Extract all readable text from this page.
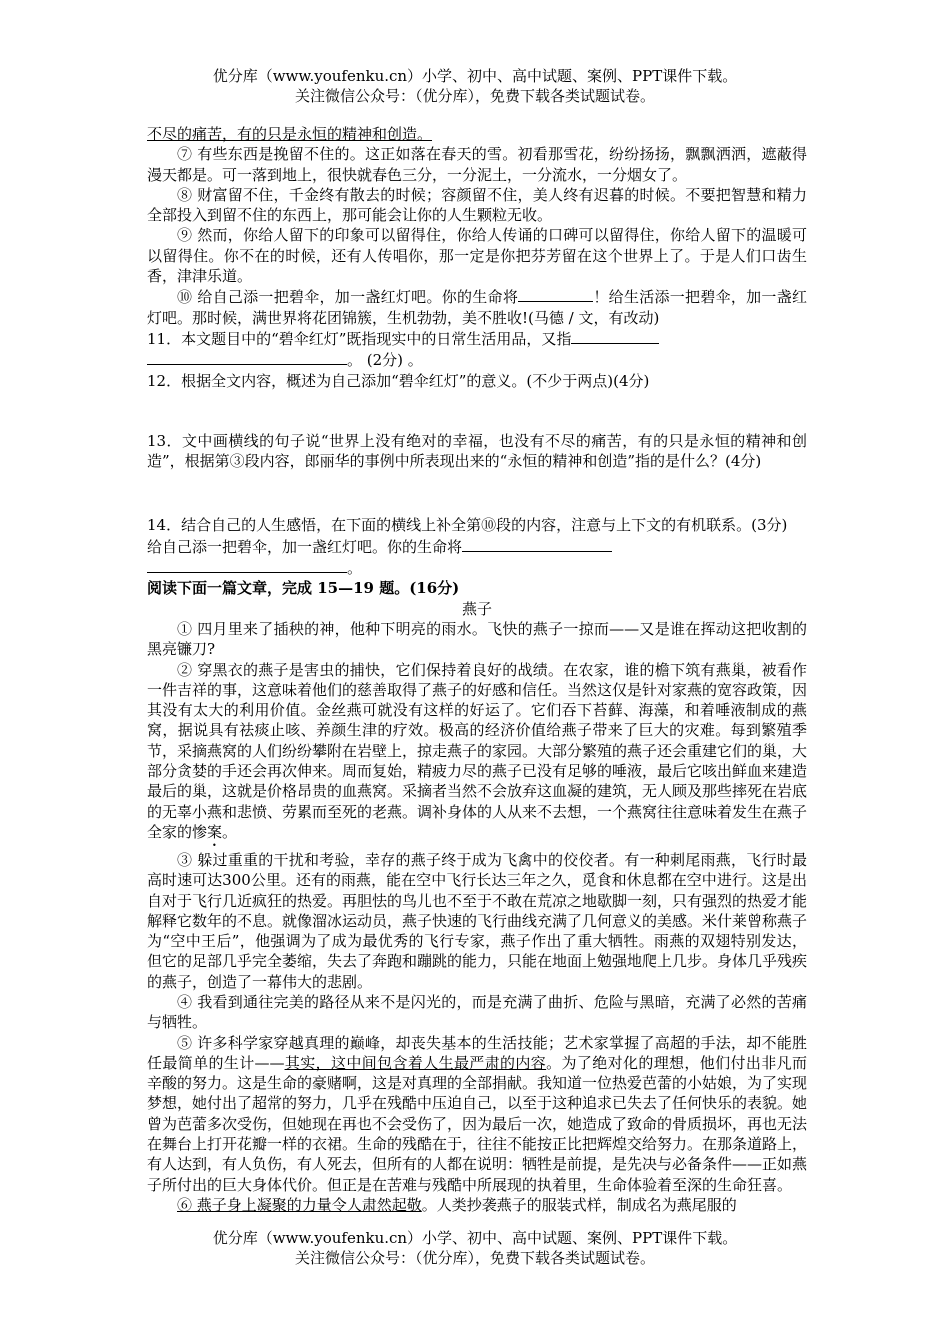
优分库（www.youfenku.cn）小学、初中、高中试题、案例、PPT课件下载。
关注微信公众号：（优分库），免费下载各类试题试卷。

不尽的痛苦，有的只是永恒的精神和创造。

⑦ 有些东西是挽留不住的。这正如落在春天的雪。初看那雪花，纷纷扬扬，飘飘洒洒，遮蔽得漫天都是。可一落到地上，很快就春色三分，一分泥土，一分流水，一分烟女了。

⑧ 财富留不住，千金终有散去的时候；容颜留不住，美人终有迟暮的时候。不要把智慧和精力全部投入到留不住的东西上，那可能会让你的人生颗粒无收。

⑨ 然而，你给人留下的印象可以留得住，你给人传诵的口碑可以留得住，你给人留下的温暖可以留得住。你不在的时候，还有人传唱你，那一定是你把芬芳留在这个世界上了。于是人们口齿生香，津津乐道。

⑩ 给自己添一把碧伞，加一盏红灯吧。你的生命将	！给生活添一把碧伞，加一盏红灯吧。那时候，满世界将花团锦簇，生机勃勃，美不胜收!(马德 / 文，有改动)

11．本文题目中的“碧伞红灯”既指现实中的日常生活用品，又指
。 (2分) 。

12．根据全文内容，概述为自己添加“碧伞红灯”的意义。(不少于两点)(4分)

13．文中画横线的句子说“世界上没有绝对的幸福，也没有不尽的痛苦，有的只是永恒的精神和创造”，根据第③段内容，郎丽华的事例中所表现出来的“永恒的精神和创造”指的是什么？(4分)

14．结合自己的人生感悟，在下面的横线上补全第⑩段的内容，注意与上下文的有机联系。(3分)

给自己添一把碧伞，加一盏红灯吧。你的生命将
。

阅读下面一篇文章，完成 15—19 题。(16分)

燕子

① 四月里来了插秧的神，他种下明亮的雨水。飞快的燕子一掠而——又是谁在挥动这把收割的黑亮镰刀?

② 穿黑衣的燕子是害虫的捕快，它们保持着良好的战绩。在农家，谁的檐下筑有燕巢，被看作一件吉祥的事，这意味着他们的慈善取得了燕子的好感和信任。当然这仅是针对家燕的宽容政策，因其没有太大的利用价值。金丝燕可就没有这样的好运了。它们吞下苔藓、海藻，和着唾液制成的燕窝，据说具有祛痰止咳、养颜生津的疗效。极高的经济价值给燕子带来了巨大的灾难。每到繁殖季节，采摘燕窝的人们纷纷攀附在岩壁上，掠走燕子的家园。大部分繁殖的燕子还会重建它们的巢，大部分贪婪的手还会再次伸来。周而复始，精疲力尽的燕子已没有足够的唾液，最后它咳出鲜血来建造最后的巢，这就是价格昂贵的血燕窝。采摘者当然不会放弃这血凝的建筑，无人顾及那些摔死在岩底的无辜小燕和悲愤、劳累而至死的老燕。调补身体的人从来不去想，一个燕窝往往意味着发生在燕子全家的惨案。

③ 躲过重重的干扰和考验，幸存的燕子终于成为飞禽中的佼佼者。有一种刺尾雨燕，飞行时最高时速可达300公里。还有的雨燕，能在空中飞行长达三年之久，觅食和休息都在空中进行。这是出自对于飞行几近疯狂的热爱。再胆怯的鸟儿也不至于不敢在荒凉之地歇脚一刻，只有强烈的热爱才能解释它数年的不息。就像溜冰运动员，燕子快速的飞行曲线充满了几何意义的美感。米什莱曾称燕子为“空中王后”，他强调为了成为最优秀的飞行专家，燕子作出了重大牺牲。雨燕的双翅特别发达，但它的足部几乎完全萎缩，失去了奔跑和蹦跳的能力，只能在地面上勉强地爬上几步。身体几乎残疾的燕子，创造了一幕伟大的悲剧。

④ 我看到通往完美的路径从来不是闪光的，而是充满了曲折、危险与黑暗，充满了必然的苦痛与牺牲。

⑤ 许多科学家穿越真理的巅峰，却丧失基本的生活技能；艺术家掌握了高超的手法，却不能胜任最简单的生计——其实，这中间包含着人生最严肃的内容。为了绝对化的理想，他们付出非凡而辛酸的努力。这是生命的豪赌啊，这是对真理的全部捐献。我知道一位热爱芭蕾的小姑娘，为了实现梦想，她付出了超常的努力，几乎在残酷中压迫自己，以至于这种追求已失去了任何快乐的表貌。她曾为芭蕾多次受伤，但她现在再也不会受伤了，因为最后一次，她造成了致命的骨质损坏，再也无法在舞台上打开花瓣一样的衣裙。生命的残酷在于，往往不能按正比把辉煌交给努力。在那条道路上，有人达到，有人负伤，有人死去，但所有的人都在说明：牺牲是前提，是先决与必备条件——正如燕子所付出的巨大身体代价。但正是在苦难与残酷中所展现的执着里，生命体验着至深的生命狂喜。

⑥ 燕子身上凝聚的力量令人肃然起敬。人类抄袭燕子的服装式样，制成名为燕尾服的

优分库（www.youfenku.cn）小学、初中、高中试题、案例、PPT课件下载。
关注微信公众号：（优分库），免费下载各类试题试卷。
